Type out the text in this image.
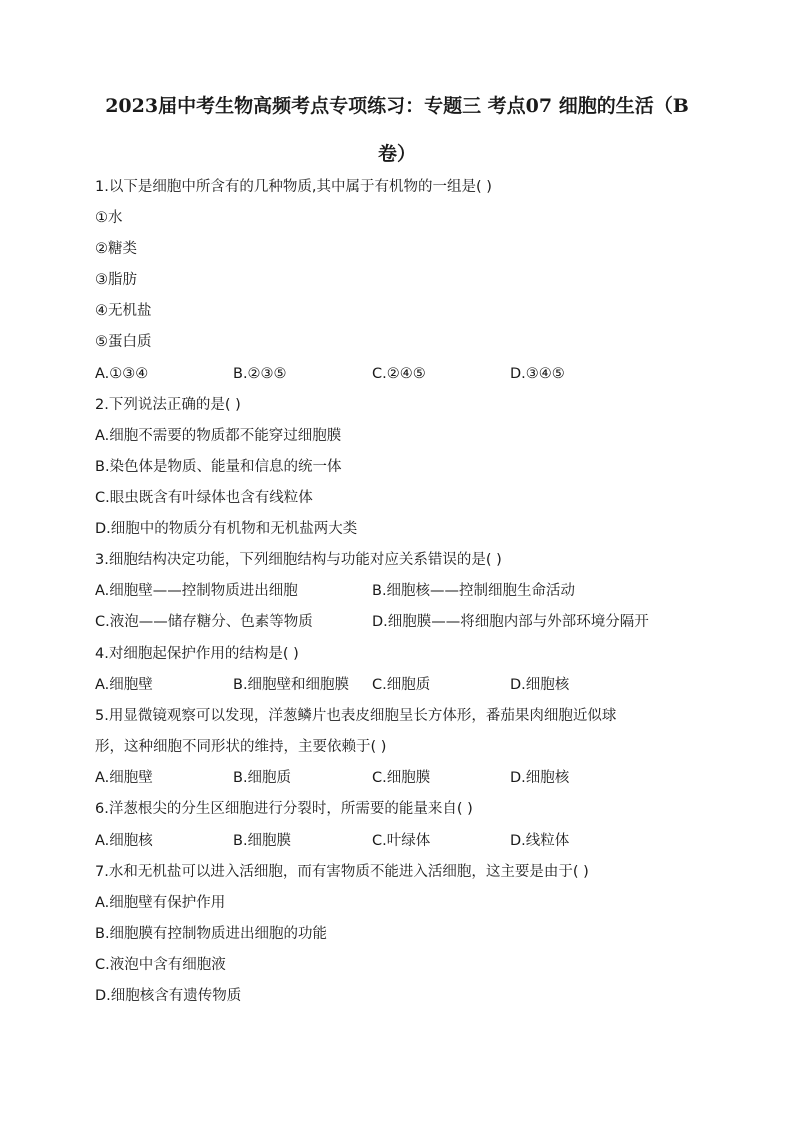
2023届中考生物高频考点专项练习：专题三 考点07 细胞的生活（B
卷）
1.以下是细胞中所含有的几种物质,其中属于有机物的一组是( )
①水
②糖类
③脂肪
④无机盐
⑤蛋白质
A.①③④	B.②③⑤	C.②④⑤	D.③④⑤
2.下列说法正确的是( )
A.细胞不需要的物质都不能穿过细胞膜
B.染色体是物质、能量和信息的统一体
C.眼虫既含有叶绿体也含有线粒体
D.细胞中的物质分有机物和无机盐两大类
3.细胞结构决定功能，下列细胞结构与功能对应关系错误的是( )
A.细胞壁——控制物质进出细胞	B.细胞核——控制细胞生命活动
C.液泡——储存糖分、色素等物质	D.细胞膜——将细胞内部与外部环境分隔开
4.对细胞起保护作用的结构是( )
A.细胞壁	B.细胞壁和细胞膜 C.细胞质	D.细胞核
5.用显微镜观察可以发现，洋葱鳞片也表皮细胞呈长方体形，番茄果肉细胞近似球
形，这种细胞不同形状的维持，主要依赖于( )
A.细胞壁	B.细胞质	C.细胞膜	D.细胞核
6.洋葱根尖的分生区细胞进行分裂时，所需要的能量来自( )
A.细胞核	B.细胞膜	C.叶绿体	D.线粒体
7.水和无机盐可以进入活细胞，而有害物质不能进入活细胞，这主要是由于( )
A.细胞壁有保护作用
B.细胞膜有控制物质进出细胞的功能
C.液泡中含有细胞液
D.细胞核含有遗传物质
